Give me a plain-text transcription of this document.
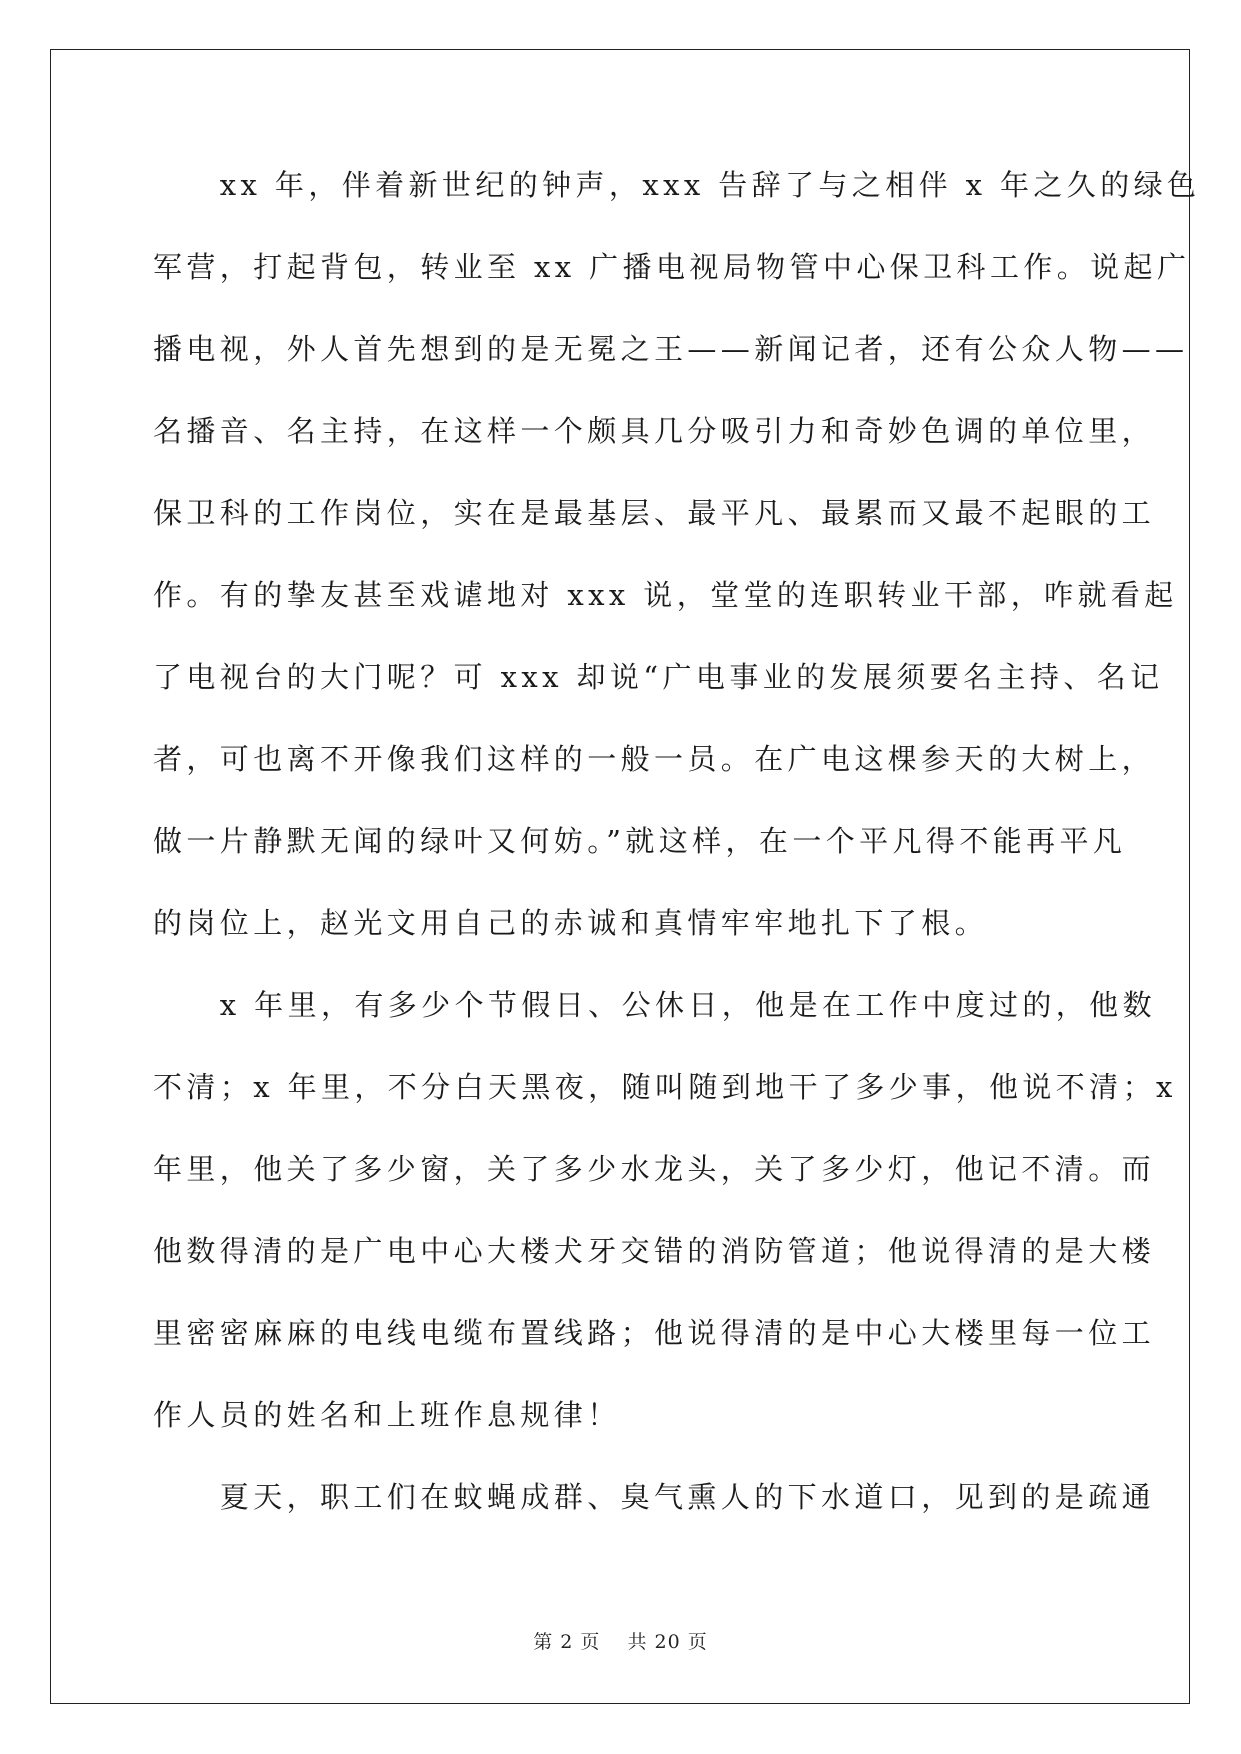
　　xx 年，伴着新世纪的钟声，xxx 告辞了与之相伴 x 年之久的绿色
军营，打起背包，转业至 xx 广播电视局物管中心保卫科工作。说起广
播电视，外人首先想到的是无冕之王——新闻记者，还有公众人物——
名播音、名主持，在这样一个颇具几分吸引力和奇妙色调的单位里，
保卫科的工作岗位，实在是最基层、最平凡、最累而又最不起眼的工
作。有的挚友甚至戏谑地对 xxx 说，堂堂的连职转业干部，咋就看起
了电视台的大门呢？可 xxx 却说“广电事业的发展须要名主持、名记
者，可也离不开像我们这样的一般一员。在广电这棵参天的大树上，
做一片静默无闻的绿叶又何妨。”就这样，在一个平凡得不能再平凡
的岗位上，赵光文用自己的赤诚和真情牢牢地扎下了根。
　　x 年里，有多少个节假日、公休日，他是在工作中度过的，他数
不清；x 年里，不分白天黑夜，随叫随到地干了多少事，他说不清；x
年里，他关了多少窗，关了多少水龙头，关了多少灯，他记不清。而
他数得清的是广电中心大楼犬牙交错的消防管道；他说得清的是大楼
里密密麻麻的电线电缆布置线路；他说得清的是中心大楼里每一位工
作人员的姓名和上班作息规律！
　　夏天，职工们在蚊蝇成群、臭气熏人的下水道口，见到的是疏通
第 2 页　 共 20 页
